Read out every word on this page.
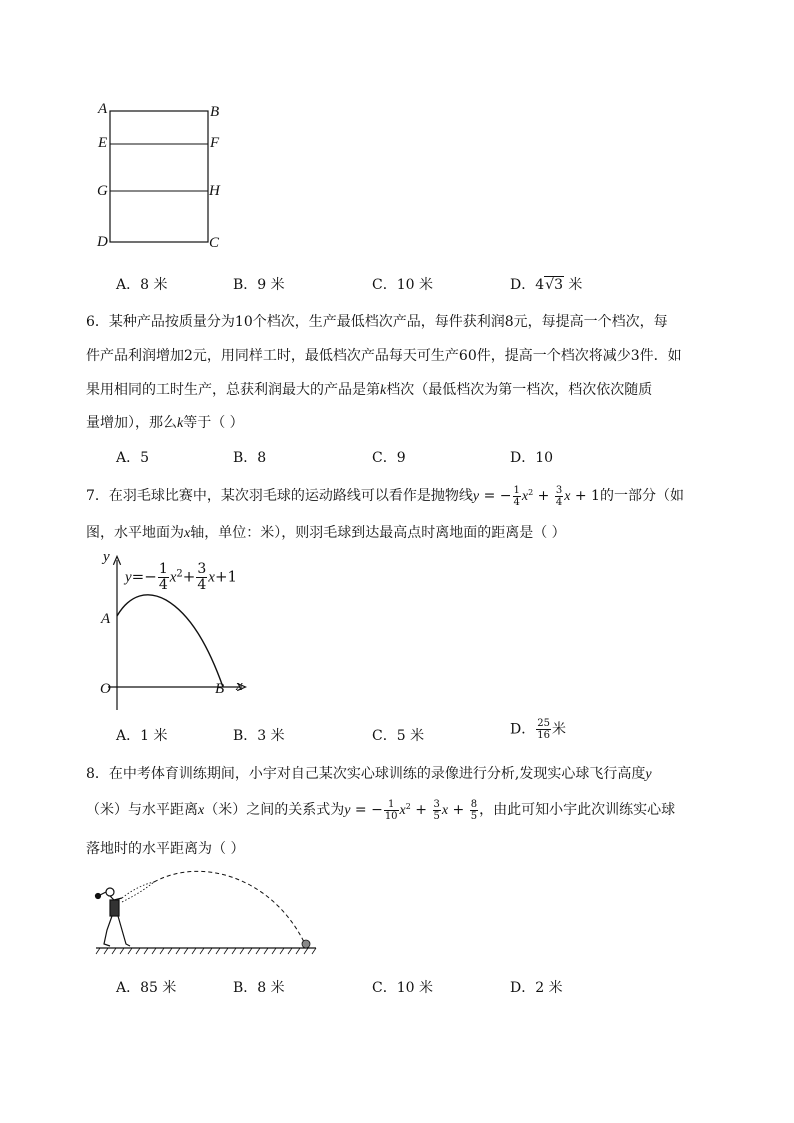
A	B
E	F
G	H
D	C
A．8 米	B．9 米	C．10 米	D．4√3 米
6．某种产品按质量分为10个档次，生产最低档次产品，每件获利润8元，每提高一个档次，每
件产品利润增加2元，用同样工时，最低档次产品每天可生产60件，提高一个档次将减少3件．如
果用相同的工时生产，总获利润最大的产品是第k档次（最低档次为第一档次，档次依次随质
量增加），那么k等于（ ）
A．5	B．8	C．9	D．10
7．在羽毛球比赛中，某次羽毛球的运动路线可以看作是抛物线y = − $\frac{1}{4} x^2 + \frac{3}{4}$ x + 1的一部分（如
图，水平地面为x轴，单位：米），则羽毛球到达最高点时离地面的距离是（ ）
y
x
O
A
B
$y=- \frac{1}{4} x^2+ \frac{3}{4} x+1$
A．1 米	B．3 米	C．5 米	D． $\frac{25}{16}$ 米
8．在中考体育训练期间，小宇对自己某次实心球训练的录像进行分析,发现实心球飞行高度y
（米）与水平距离x（米）之间的关系式为y = − $\frac{1}{10} x^2 + \frac{3}{5}$ $x + \frac{8}{5}$ ，由此可知小宇此次训练实心球
落地时的水平距离为（ ）
A．85 米	B．8 米	C．10 米	D．2 米
